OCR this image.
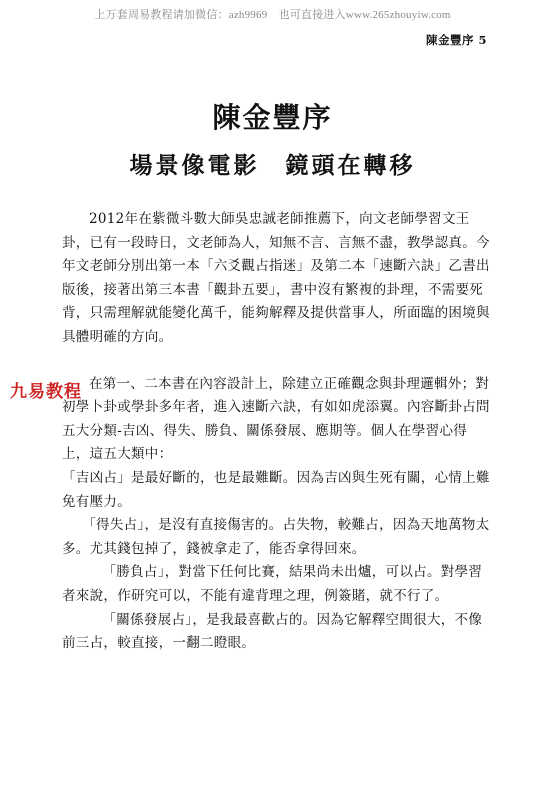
上万套周易教程请加微信：azh9969　也可直接进入www.265zhouyiw.com
陳金豐序 5
陳金豐序
場景像電影　鏡頭在轉移

2012年在紫微斗數大師吳忠誠老師推薦下，向文老師學習文王卦，已有一段時日，文老師為人，知無不言、言無不盡，教學認真。今年文老師分別出第一本「六爻觀占指迷」及第二本「速斷六訣」乙書出版後，接著出第三本書「觀卦五要」，書中沒有繁複的卦理，不需要死背，只需理解就能變化萬千，能夠解釋及提供當事人，所面臨的困境與具體明確的方向。

在第一、二本書在內容設計上，除建立正確觀念與卦理邏輯外；對初學卜卦或學卦多年者，進入速斷六訣，有如如虎添翼。內容斷卦占問五大分類-吉凶、得失、勝負、關係發展、應期等。個人在學習心得上，這五大類中：

「吉凶占」是最好斷的，也是最難斷。因為吉凶與生死有關，心情上難免有壓力。

「得失占」，是沒有直接傷害的。占失物，較難占，因為天地萬物太多。尤其錢包掉了，錢被拿走了，能否拿得回來。

「勝負占」，對當下任何比賽，結果尚未出爐，可以占。對學習者來說，作研究可以，不能有違背理之理，例簽賭，就不行了。

「關係發展占」，是我最喜歡占的。因為它解釋空間很大，不像前三占，較直接，一翻二瞪眼。

九易教程
